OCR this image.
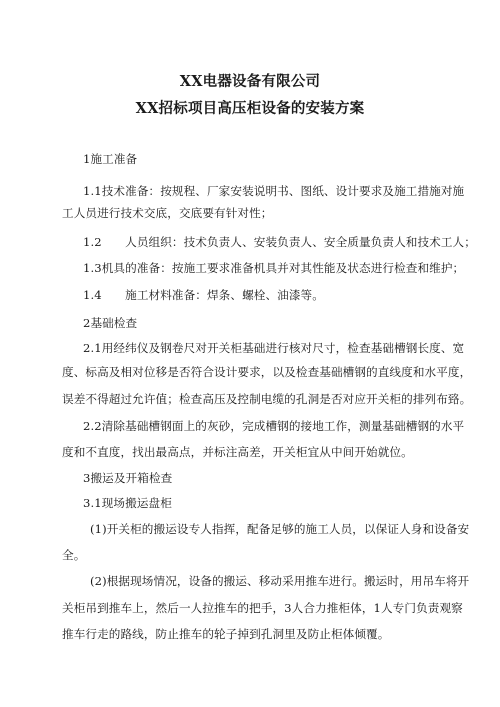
XX电器设备有限公司
XX招标项目高压柜设备的安装方案
1施工准备
1.1技术准备：按规程、厂家安装说明书、图纸、设计要求及施工措施对施
工人员进行技术交底，交底要有针对性；
1.2　　人员组织：技术负责人、安装负责人、安全质量负责人和技术工人；
1.3机具的准备：按施工要求准备机具并对其性能及状态进行检查和维护；
1.4　　施工材料准备：焊条、螺栓、油漆等。
2基础检查
2.1用经纬仪及钢卷尺对开关柜基础进行核对尺寸，检查基础槽钢长度、宽
度、标高及相对位移是否符合设计要求，以及检查基础槽钢的直线度和水平度，
误差不得超过允许值；检查高压及控制电缆的孔洞是否对应开关柜的排列布臵。
2.2清除基础槽钢面上的灰砂，完成槽钢的接地工作，测量基础槽钢的水平
度和不直度，找出最高点，并标注高差，开关柜宜从中间开始就位。
3搬运及开箱检查
3.1现场搬运盘柜
(1)开关柜的搬运设专人指挥，配备足够的施工人员，以保证人身和设备安
全。
(2)根据现场情况，设备的搬运、移动采用推车进行。搬运时，用吊车将开
关柜吊到推车上，然后一人拉推车的把手，3人合力推柜体，1人专门负责观察
推车行走的路线，防止推车的轮子掉到孔洞里及防止柜体倾覆。
